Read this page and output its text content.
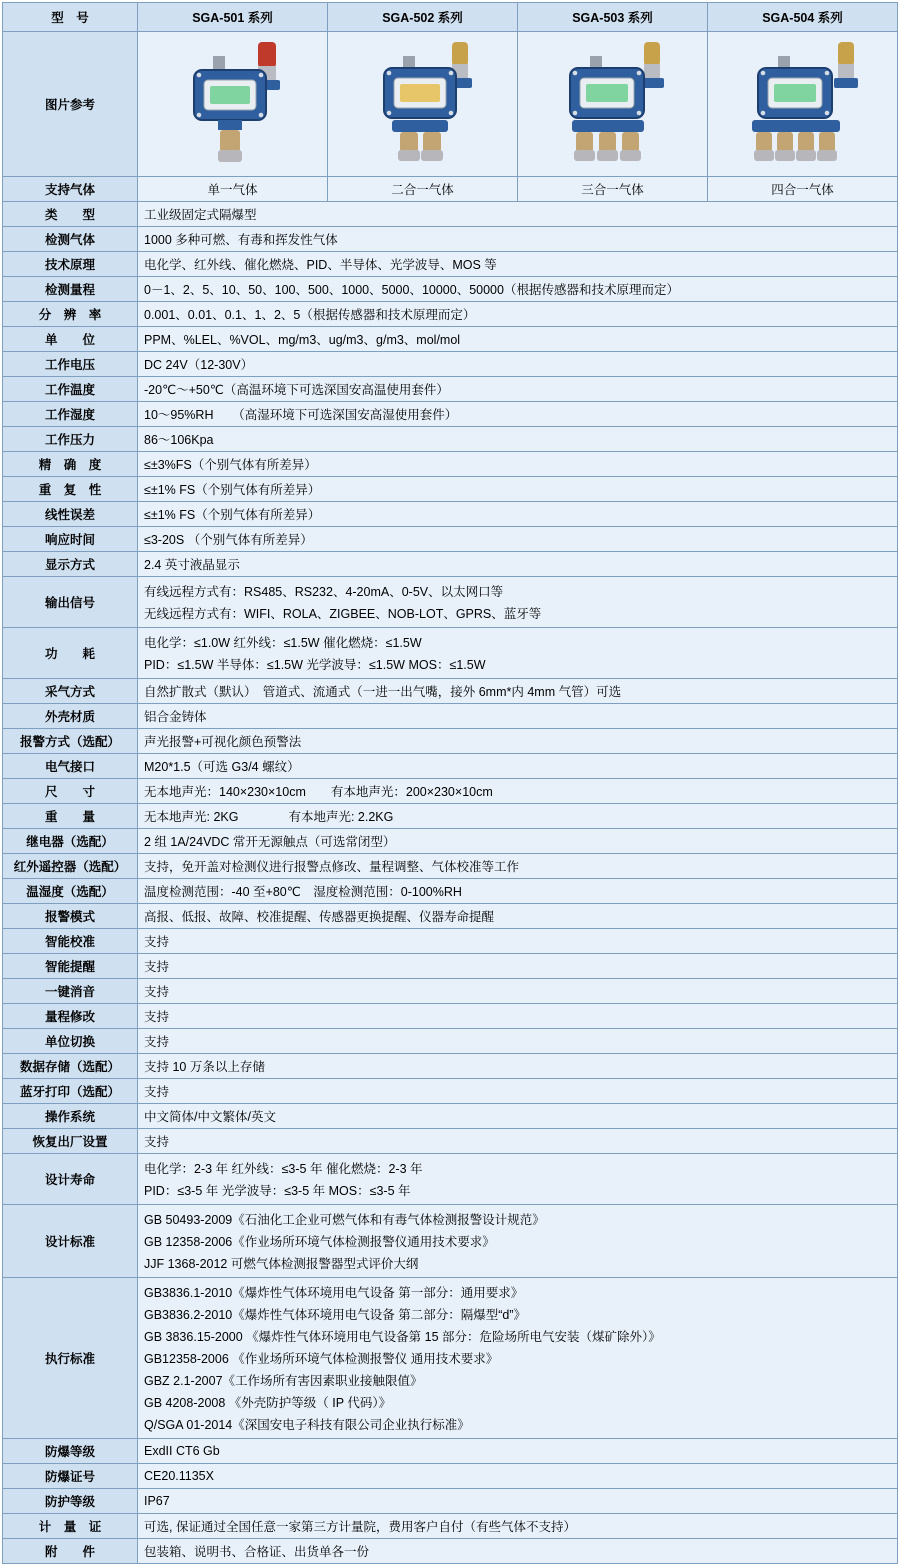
型　号	SGA-501 系列	SGA-502 系列	SGA-503 系列	SGA-504 系列
图片参考	

支持气体	单一气体	二合一气体	三合一气体	四合一气体
类　　型	工业级固定式隔爆型			
检测气体	1000 多种可燃、有毒和挥发性气体			
技术原理	电化学、红外线、催化燃烧、PID、半导体、光学波导、MOS 等			
检测量程	0－1、2、5、10、50、100、500、1000、5000、10000、50000（根据传感器和技术原理而定）			
分　辨　率	0.001、0.01、0.1、1、2、5（根据传感器和技术原理而定）			
单　　位	PPM、%LEL、%VOL、mg/m3、ug/m3、g/m3、mol/mol			
工作电压	DC 24V（12-30V）			
工作温度	-20℃～+50℃（高温环境下可选深国安高温使用套件）			
工作湿度	10～95%RH　　（高湿环境下可选深国安高湿使用套件）			
工作压力	86～106Kpa			
精　确　度	≤±3%FS（个别气体有所差异）			
重　复　性	≤±1% FS（个别气体有所差异）			
线性误差	≤±1% FS（个别气体有所差异）			
响应时间	≤3-20S （个别气体有所差异）			
显示方式	2.4 英寸液晶显示			
输出信号	有线远程方式有：RS485、RS232、4-20mA、0-5V、以太网口等
无线远程方式有：WIFI、ROLA、ZIGBEE、NOB-LOT、GPRS、蓝牙等			

功　　耗	电化学：≤1.0W 红外线：≤1.5W 催化燃烧：≤1.5W
PID：≤1.5W 半导体：≤1.5W 光学波导：≤1.5W MOS：≤1.5W			

采气方式	自然扩散式（默认）　管道式、流通式（一进一出气嘴，接外 6mm*内 4mm 气管）可选			
外壳材质	铝合金铸体			
报警方式（选配）	声光报警+可视化颜色预警法			
电气接口	M20*1.5（可选 G3/4 螺纹）			
尺　　寸	无本地声光：140×230×10cm　　有本地声光：200×230×10cm			
重　　量	无本地声光: 2KG　　　　有本地声光: 2.2KG			
继电器（选配）	2 组 1A/24VDC 常开无源触点（可选常闭型）			
红外遥控器（选配）	支持，免开盖对检测仪进行报警点修改、量程调整、气体校准等工作			
温湿度（选配）	温度检测范围：-40 至+80℃　湿度检测范围：0-100%RH			
报警模式	高报、低报、故障、校准提醒、传感器更换提醒、仪器寿命提醒			
智能校准	支持			
智能提醒	支持			
一键消音	支持			
量程修改	支持			
单位切换	支持			
数据存储（选配）	支持 10 万条以上存储			
蓝牙打印（选配）	支持			
操作系统	中文简体/中文繁体/英文			
恢复出厂设置	支持			
设计寿命	电化学：2-3 年 红外线：≤3-5 年 催化燃烧：2-3 年
PID：≤3-5 年 光学波导：≤3-5 年 MOS：≤3-5 年			

设计标准	GB 50493-2009《石油化工企业可燃气体和有毒气体检测报警设计规范》
GB 12358-2006《作业场所环境气体检测报警仪通用技术要求》
JJF 1368-2012 可燃气体检测报警器型式评价大纲			

执行标准	
GB3836.1-2010《爆炸性气体环境用电气设备 第一部分：通用要求》
GB3836.2-2010《爆炸性气体环境用电气设备 第二部分：隔爆型“d”》
GB 3836.15-2000 《爆炸性气体环境用电气设备第 15 部分：危险场所电气安装（煤矿除外）》
GB12358-2006 《作业场所环境气体检测报警仪 通用技术要求》
GBZ 2.1-2007《工作场所有害因素职业接触限值》
GB 4208-2008 《外壳防护等级（ IP 代码）》
Q/SGA 01-2014《深国安电子科技有限公司企业执行标准》

防爆等级	ExdII CT6 Gb			
防爆证号	CE20.1135X			
防护等级	IP67			
计　量　证	可选, 保证通过全国任意一家第三方计量院，费用客户自付（有些气体不支持）			
附　　件	包装箱、说明书、合格证、出货单各一份			
